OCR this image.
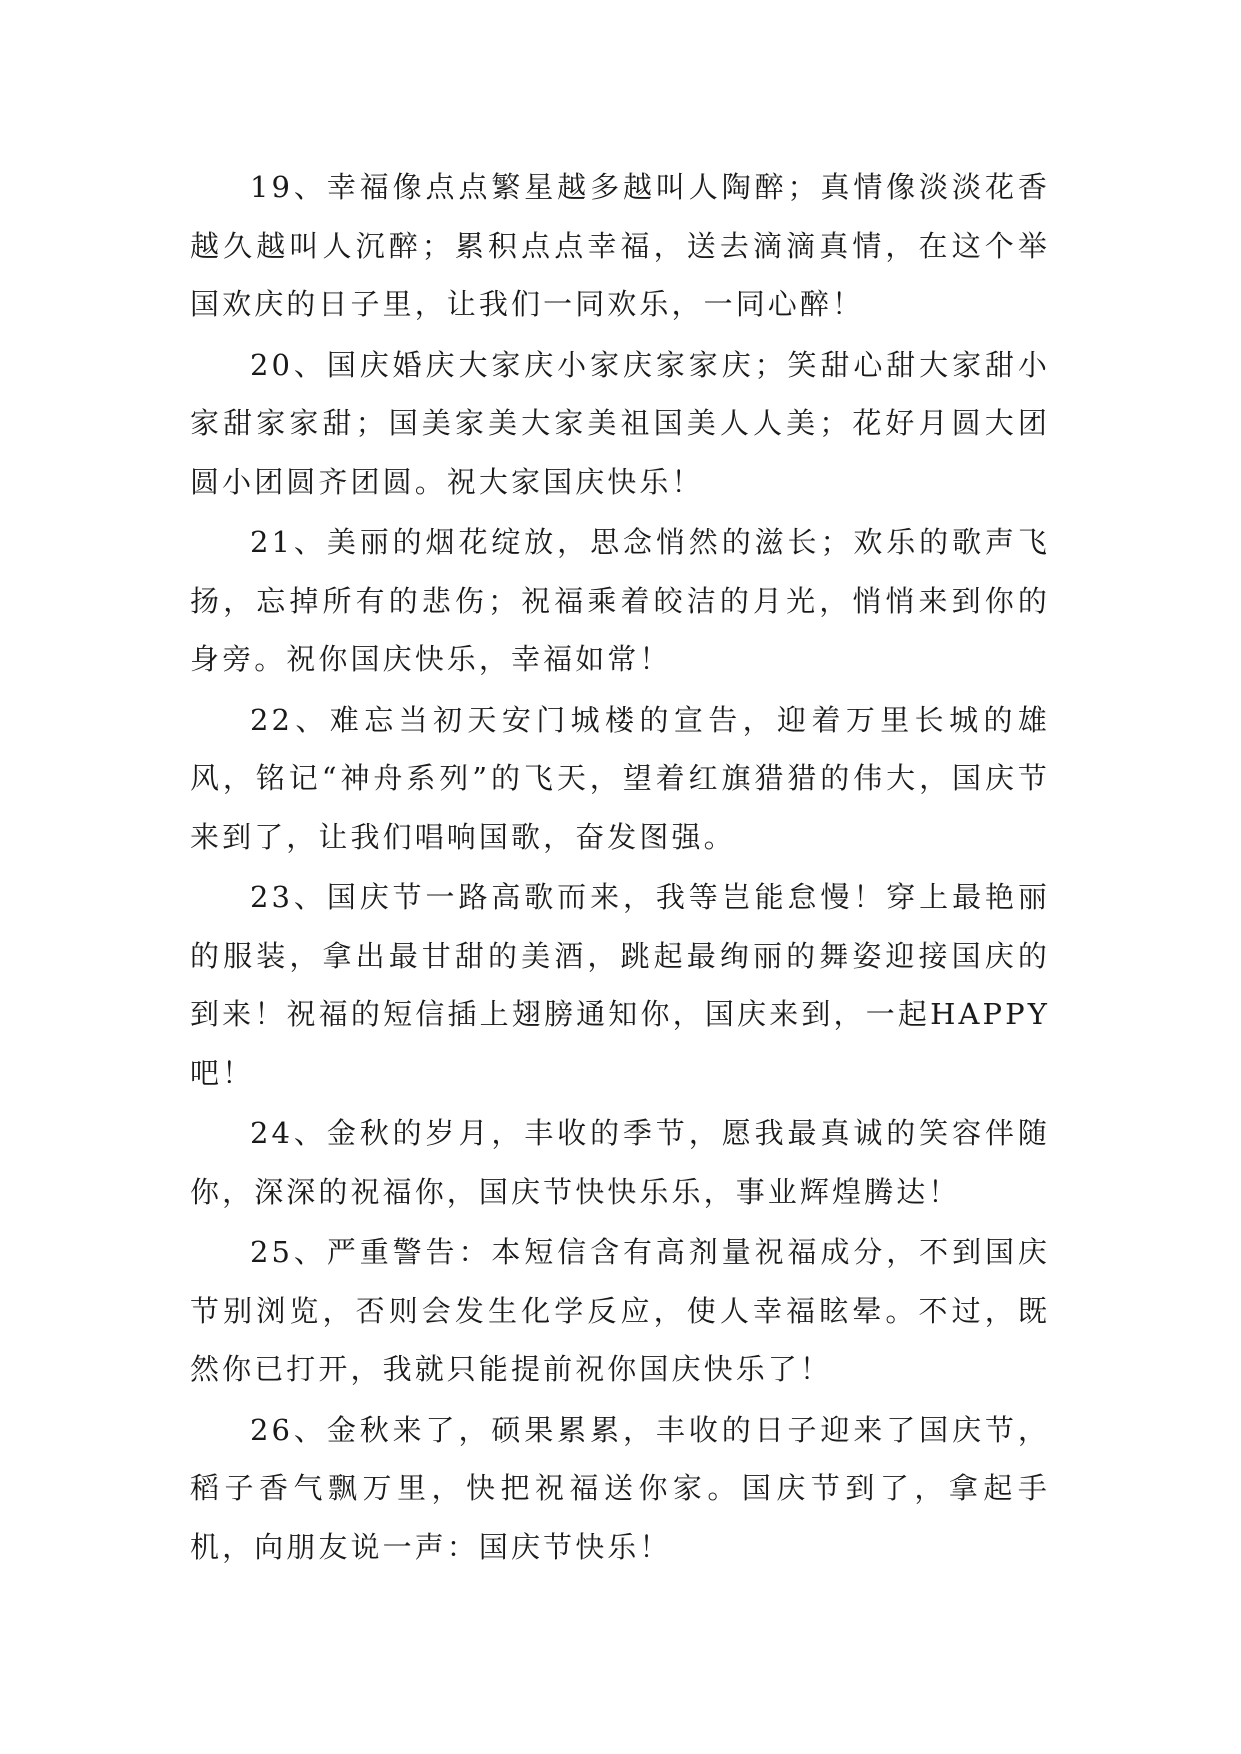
19、幸福像点点繁星越多越叫人陶醉；真情像淡淡花香越久越叫人沉醉；累积点点幸福，送去滴滴真情，在这个举国欢庆的日子里，让我们一同欢乐，一同心醉！

20、国庆婚庆大家庆小家庆家家庆；笑甜心甜大家甜小家甜家家甜；国美家美大家美祖国美人人美；花好月圆大团圆小团圆齐团圆。祝大家国庆快乐！

21、美丽的烟花绽放，思念悄然的滋长；欢乐的歌声飞扬，忘掉所有的悲伤；祝福乘着皎洁的月光，悄悄来到你的身旁。祝你国庆快乐，幸福如常！

22、难忘当初天安门城楼的宣告，迎着万里长城的雄风，铭记“神舟系列”的飞天，望着红旗猎猎的伟大，国庆节来到了，让我们唱响国歌，奋发图强。

23、国庆节一路高歌而来，我等岂能怠慢！穿上最艳丽的服装，拿出最甘甜的美酒，跳起最绚丽的舞姿迎接国庆的到来！祝福的短信插上翅膀通知你，国庆来到，一起HAPPY吧！

24、金秋的岁月，丰收的季节，愿我最真诚的笑容伴随你，深深的祝福你，国庆节快快乐乐，事业辉煌腾达！

25、严重警告：本短信含有高剂量祝福成分，不到国庆节别浏览，否则会发生化学反应，使人幸福眩晕。不过，既然你已打开，我就只能提前祝你国庆快乐了！

26、金秋来了，硕果累累，丰收的日子迎来了国庆节，稻子香气飘万里，快把祝福送你家。国庆节到了，拿起手机，向朋友说一声：国庆节快乐！
